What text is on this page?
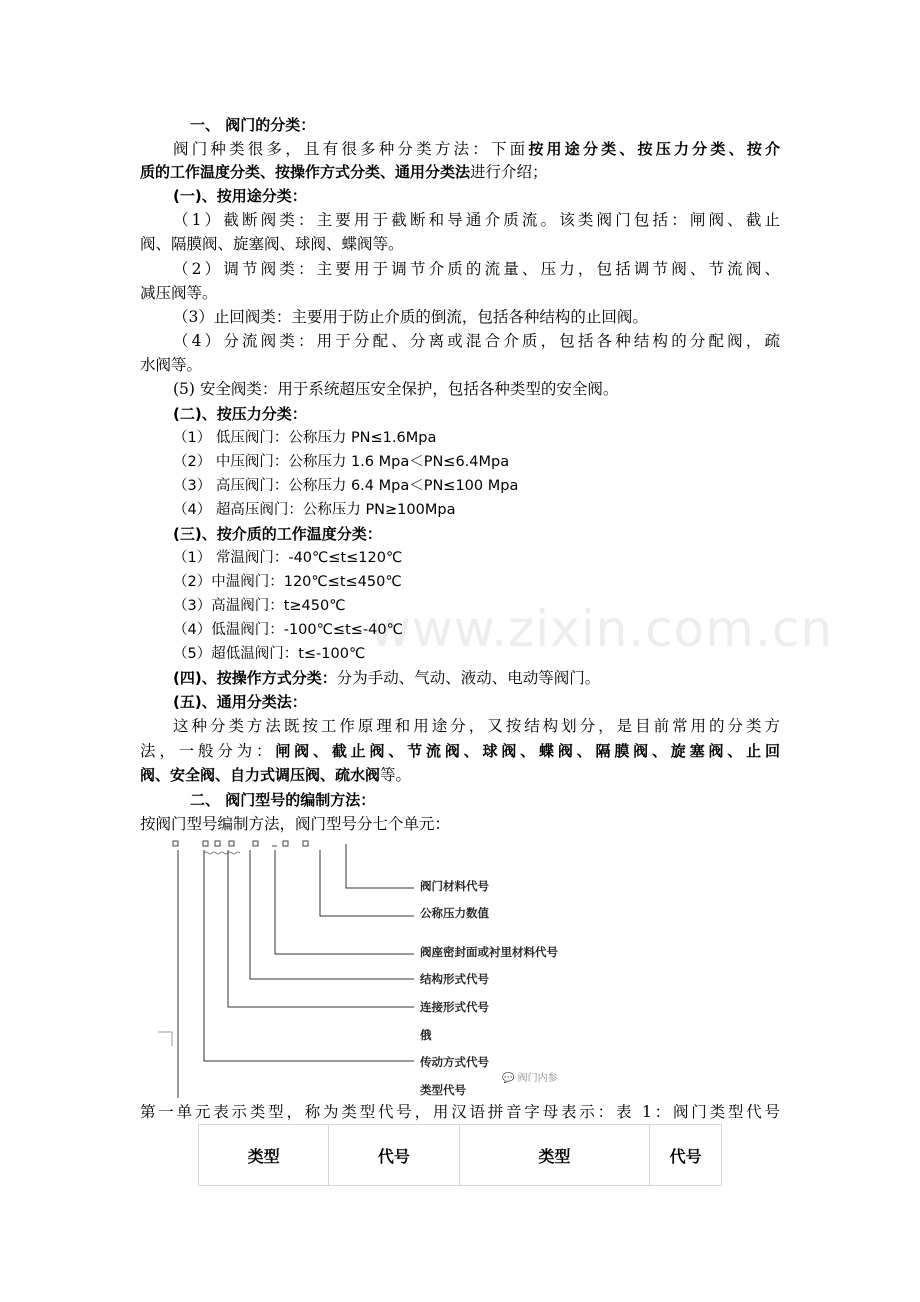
www.zixin.com.cn
一、 阀门的分类：
阀门种类很多，且有很多种分类方法：下面按用途分类、按压力分类、按介
质的工作温度分类、按操作方式分类、通用分类法进行介绍；
(一)、按用途分类：
（1）截断阀类：主要用于截断和导通介质流。该类阀门包括：闸阀、截止
阀、隔膜阀、旋塞阀、球阀、蝶阀等。
（2）调节阀类：主要用于调节介质的流量、压力，包括调节阀、节流阀、
减压阀等。
（3）止回阀类：主要用于防止介质的倒流，包括各种结构的止回阀。
（4）分流阀类：用于分配、分离或混合介质，包括各种结构的分配阀，疏
水阀等。
(5) 安全阀类：用于系统超压安全保护，包括各种类型的安全阀。
(二)、按压力分类：
（1） 低压阀门：公称压力 PN≤1.6Mpa
（2） 中压阀门：公称压力 1.6 Mpa＜PN≤6.4Mpa
（3） 高压阀门：公称压力 6.4 Mpa＜PN≤100 Mpa
（4） 超高压阀门：公称压力 PN≥100Mpa
(三)、按介质的工作温度分类：
（1） 常温阀门：-40℃≤t≤120℃
（2）中温阀门：120℃≤t≤450℃
（3）高温阀门：t≥450℃
（4）低温阀门：-100℃≤t≤-40℃
（5）超低温阀门：t≤-100℃
(四)、按操作方式分类：分为手动、气动、液动、电动等阀门。
(五)、通用分类法：
这种分类方法既按工作原理和用途分，又按结构划分，是目前常用的分类方
法，一般分为：闸阀、截止阀、节流阀、球阀、蝶阀、隔膜阀、旋塞阀、止回
阀、安全阀、自力式调压阀、疏水阀等。
二、 阀门型号的编制方法：
按阀门型号编制方法，阀门型号分七个单元：
阀门材料代号
公称压力数值
阀座密封面或衬里材料代号
结构形式代号
连接形式代号
俄
传动方式代号
类型代号
💬 阀门内参
第一单元表示类型，称为类型代号，用汉语拼音字母表示：表 1：阀门类型代号
类型	代号	类型	代号
